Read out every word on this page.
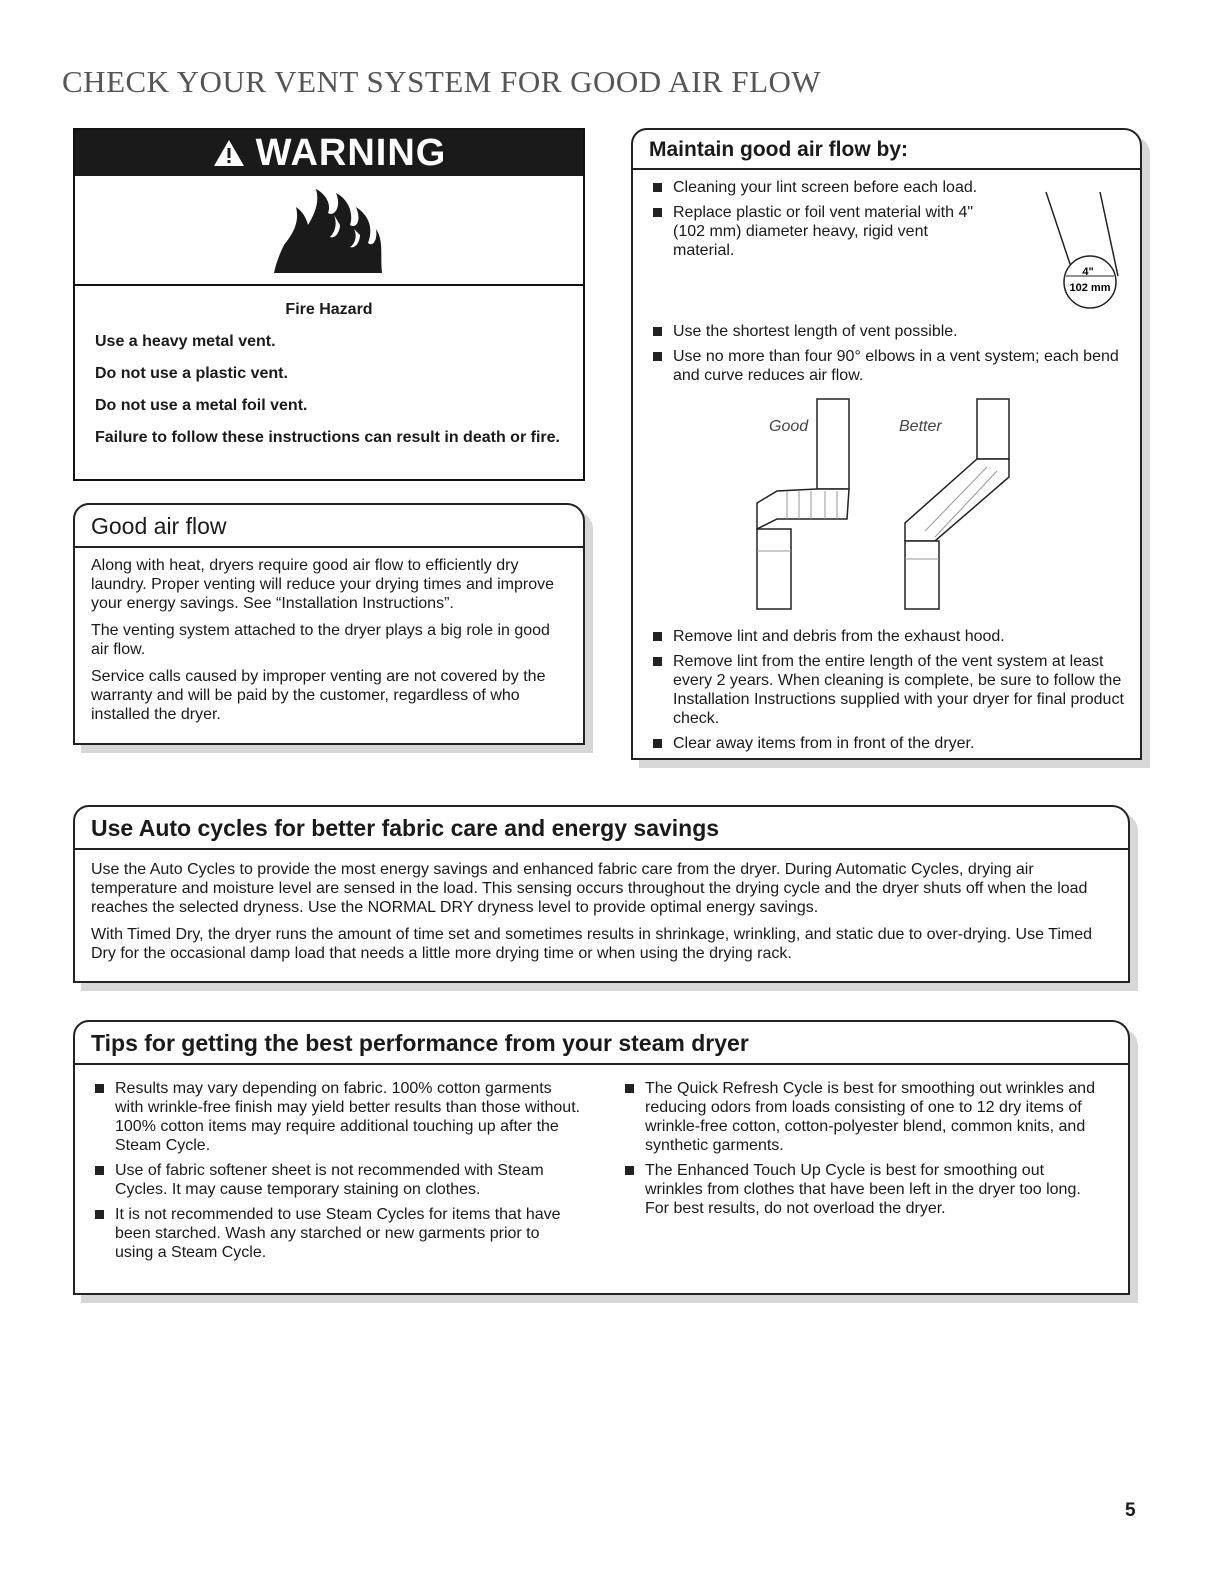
CHECK YOUR VENT SYSTEM FOR GOOD AIR FLOW
WARNING

Fire Hazard

Use a heavy metal vent.

Do not use a plastic vent.

Do not use a metal foil vent.

Failure to follow these instructions can result in death or fire.

Good air flow

Along with heat, dryers require good air flow to efficiently dry laundry. Proper venting will reduce your drying times and improve your energy savings. See “Installation Instructions”.

The venting system attached to the dryer plays a big role in good air flow.

Service calls caused by improper venting are not covered by the warranty and will be paid by the customer, regardless of who installed the dryer.

Maintain good air flow by:
Cleaning your lint screen before each load.
Replace plastic or foil vent material with 4" (102 mm) diameter heavy, rigid vent material.
4"
102 mm
Use the shortest length of vent possible.
Use no more than four 90° elbows in a vent system; each bend and curve reduces air flow.
Good	Better
Remove lint and debris from the exhaust hood.
Remove lint from the entire length of the vent system at least every 2 years. When cleaning is complete, be sure to follow the Installation Instructions supplied with your dryer for final product check.
Clear away items from in front of the dryer.
Use Auto cycles for better fabric care and energy savings

Use the Auto Cycles to provide the most energy savings and enhanced fabric care from the dryer. During Automatic Cycles, drying air temperature and moisture level are sensed in the load. This sensing occurs throughout the drying cycle and the dryer shuts off when the load reaches the selected dryness. Use the NORMAL DRY dryness level to provide optimal energy savings.

With Timed Dry, the dryer runs the amount of time set and sometimes results in shrinkage, wrinkling, and static due to over-drying. Use Timed Dry for the occasional damp load that needs a little more drying time or when using the drying rack.

Tips for getting the best performance from your steam dryer
Results may vary depending on fabric. 100% cotton garments with wrinkle-free finish may yield better results than those without. 100% cotton items may require additional touching up after the Steam Cycle.
Use of fabric softener sheet is not recommended with Steam Cycles. It may cause temporary staining on clothes.
It is not recommended to use Steam Cycles for items that have been starched. Wash any starched or new garments prior to using a Steam Cycle.
The Quick Refresh Cycle is best for smoothing out wrinkles and reducing odors from loads consisting of one to 12 dry items of wrinkle-free cotton, cotton-polyester blend, common knits, and synthetic garments.
The Enhanced Touch Up Cycle is best for smoothing out wrinkles from clothes that have been left in the dryer too long. For best results, do not overload the dryer.
5
